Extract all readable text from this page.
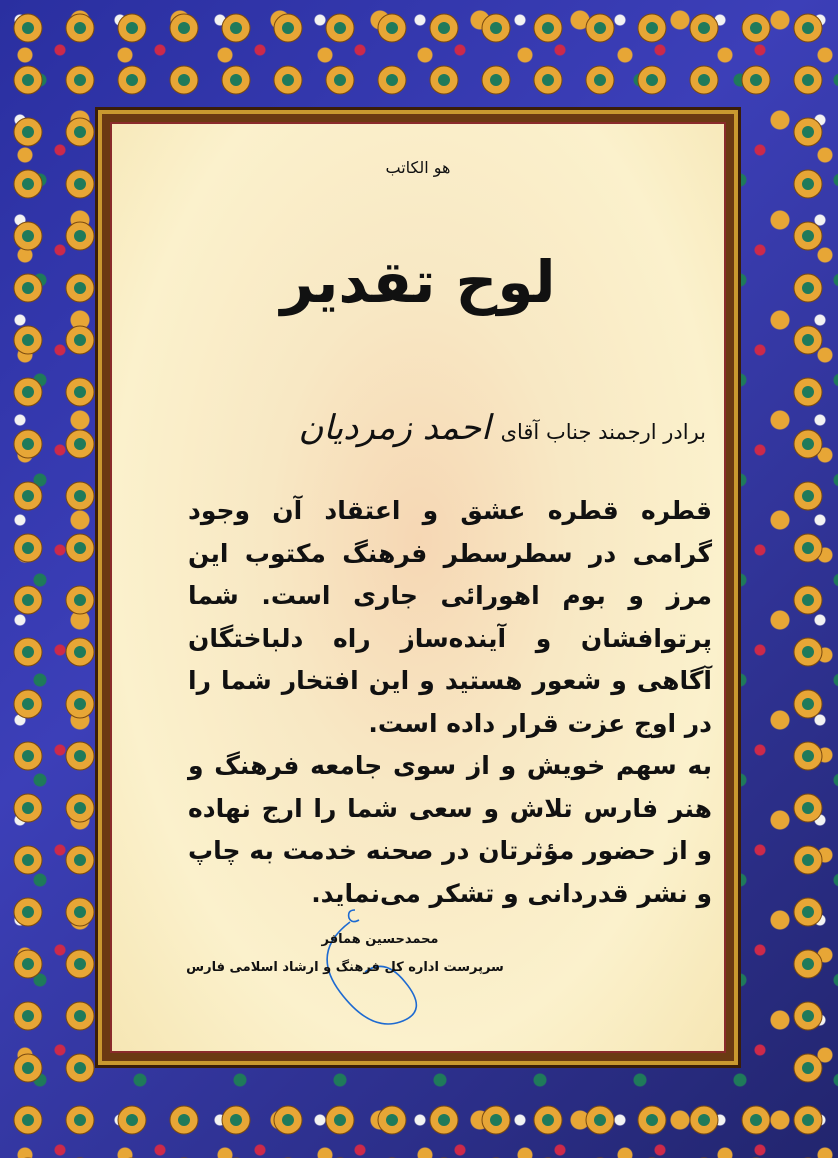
هو الکاتب
لوح تقدیر
برادر ارجمند جناب آقای
احمد زمردیان

قطره قطره عشق و اعتقاد آن وجود گرامی در سطرسطر فرهنگ مکتوب این مرز و بوم اهورائی جاری است. شما پرتوافشان و آینده‌ساز راه دلباختگان آگاهی و شعور هستید و این افتخار شما را در اوج عزت قرار داده است.

به سهم خویش و از سوی جامعه فرهنگ و هنر فارس تلاش و سعی شما را ارج نهاده و از حضور مؤثرتان در صحنه خدمت به چاپ و نشر قدردانی و تشکر می‌نماید.

محمدحسین همافر
سرپرست اداره کل فرهنگ و ارشاد اسلامی فارس
